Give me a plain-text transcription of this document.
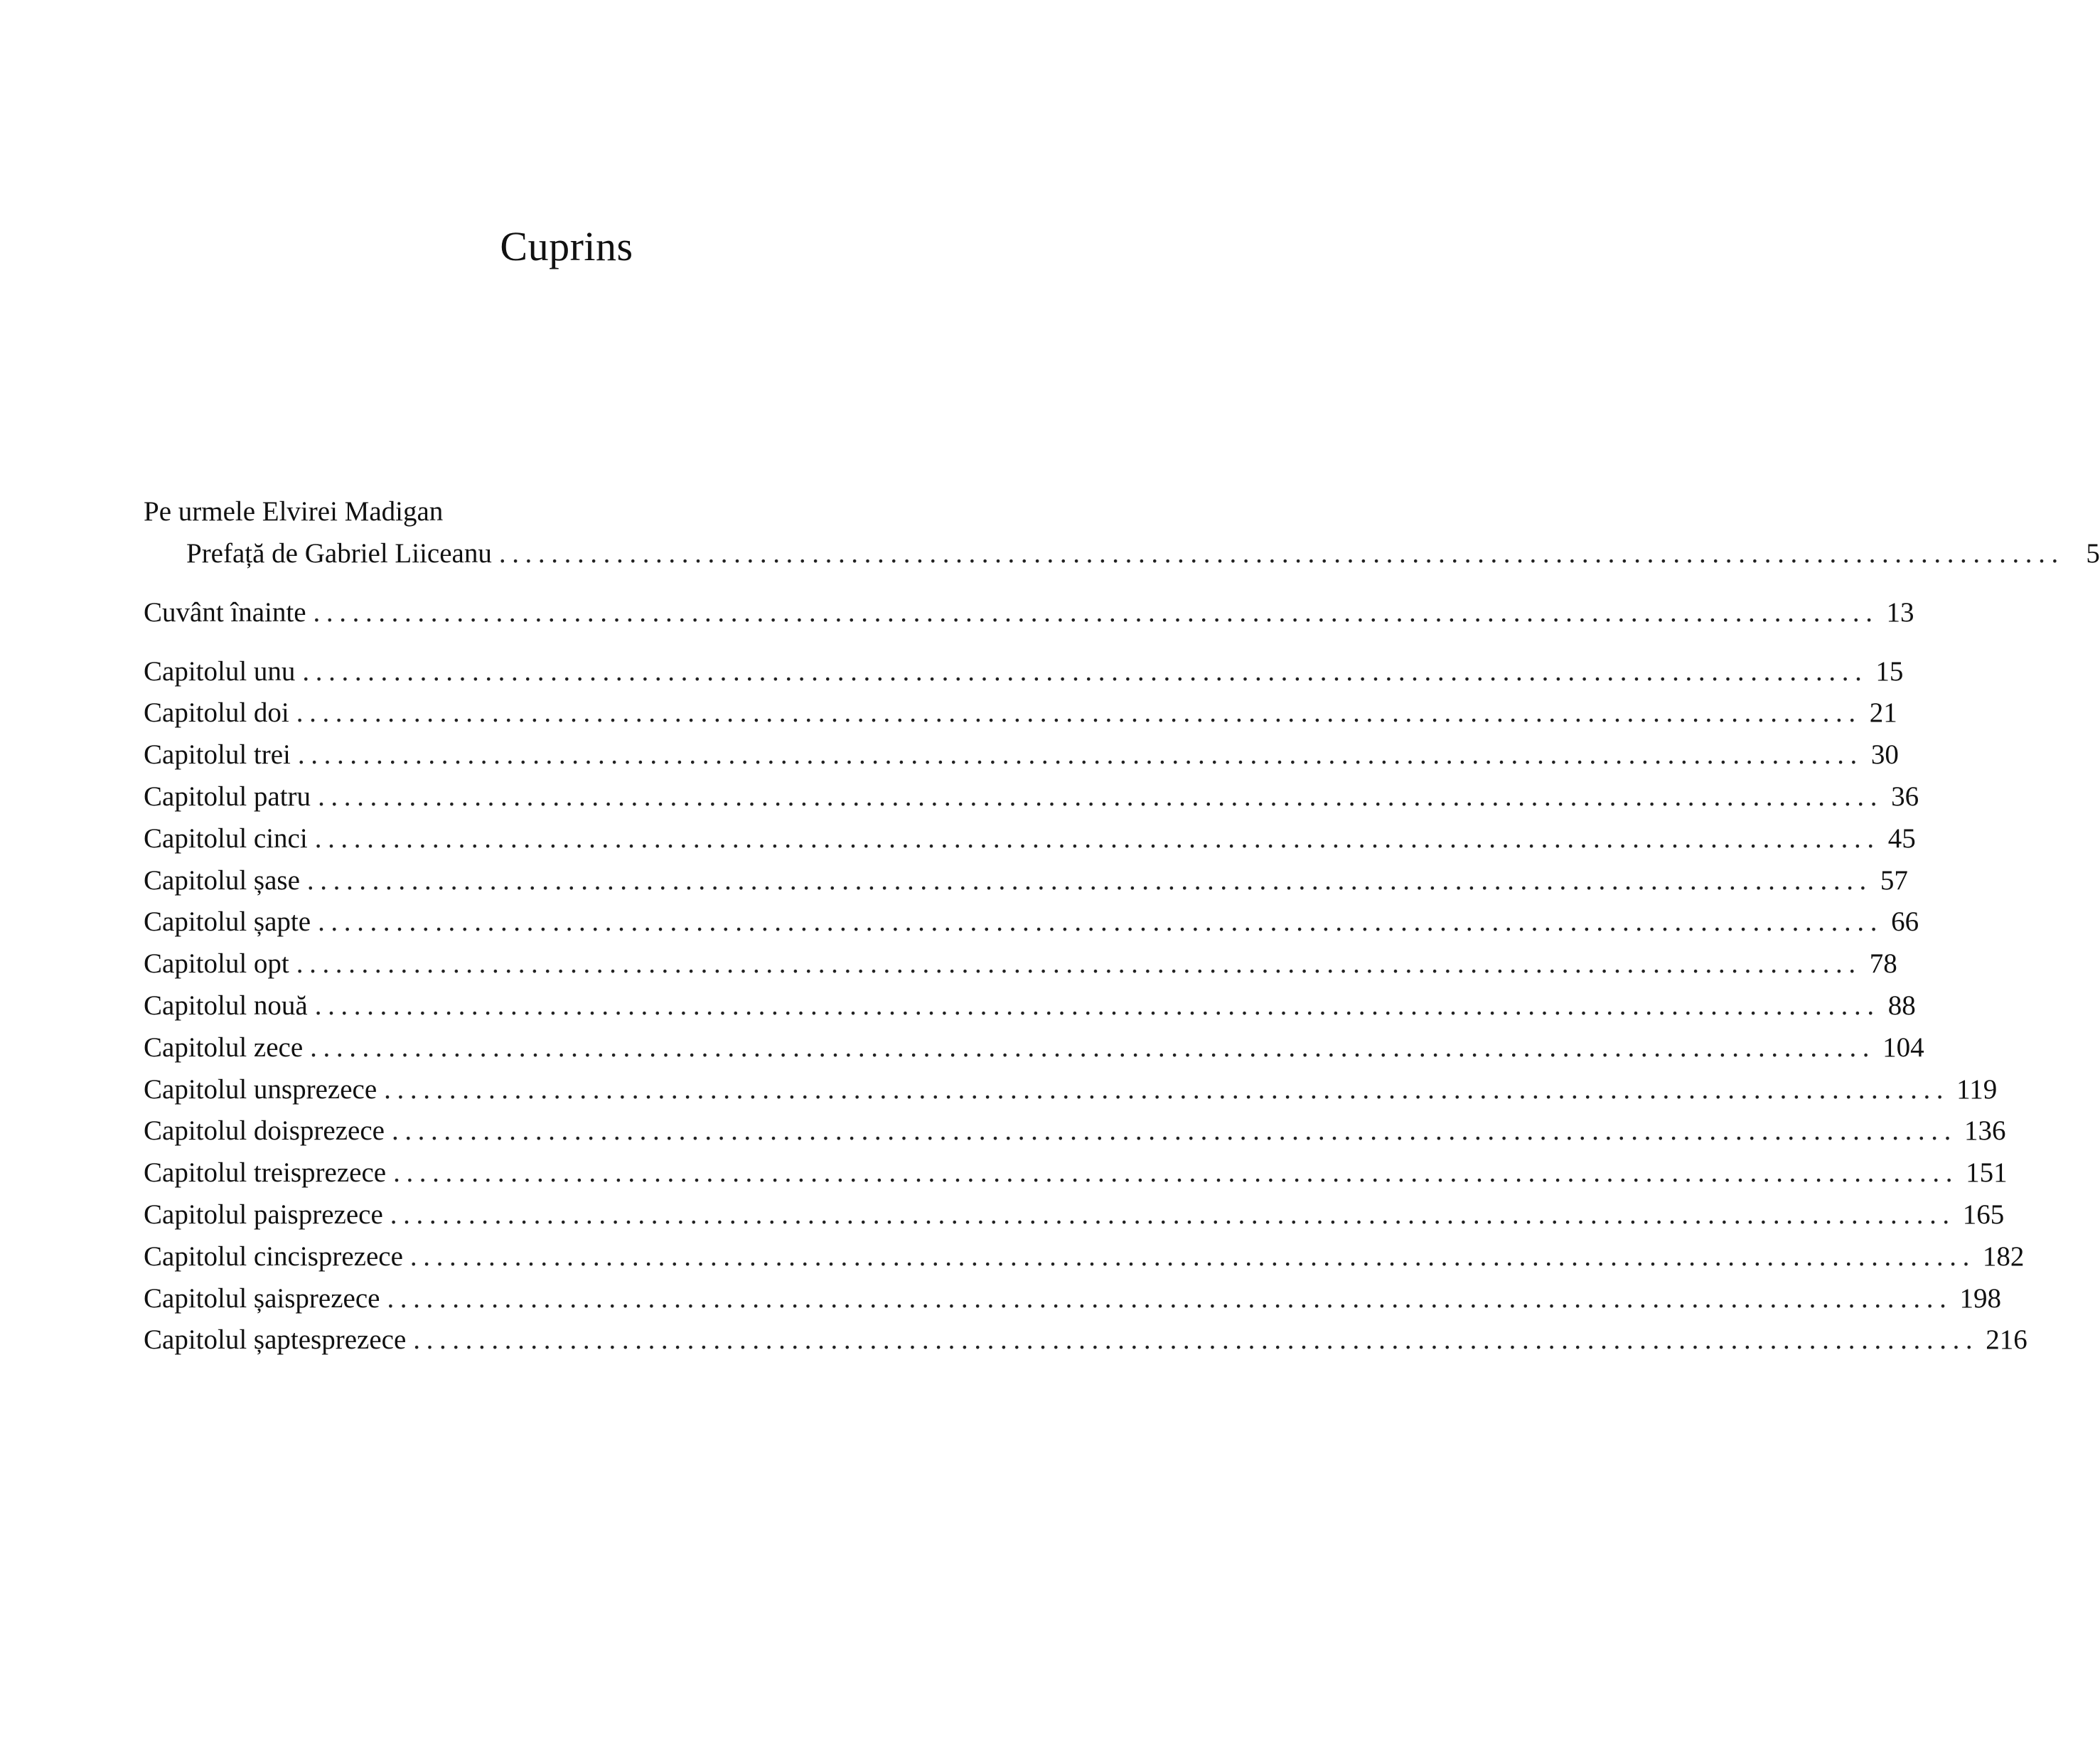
Cuprins
Pe urmele Elvirei Madigan
Prefață de Gabriel Liiceanu ........................................................................................................................ 5
Cuvânt înainte ........................................................................................................................ 13
Capitolul unu ........................................................................................................................ 15
Capitolul doi ........................................................................................................................ 21
Capitolul trei ........................................................................................................................ 30
Capitolul patru ........................................................................................................................ 36
Capitolul cinci ........................................................................................................................ 45
Capitolul șase ........................................................................................................................ 57
Capitolul șapte ........................................................................................................................ 66
Capitolul opt ........................................................................................................................ 78
Capitolul nouă ........................................................................................................................ 88
Capitolul zece ........................................................................................................................ 104
Capitolul unsprezece ........................................................................................................................ 119
Capitolul doisprezece ........................................................................................................................ 136
Capitolul treisprezece ........................................................................................................................ 151
Capitolul paisprezece ........................................................................................................................ 165
Capitolul cincisprezece ........................................................................................................................ 182
Capitolul șaisprezece ........................................................................................................................ 198
Capitolul șaptesprezece ........................................................................................................................ 216
